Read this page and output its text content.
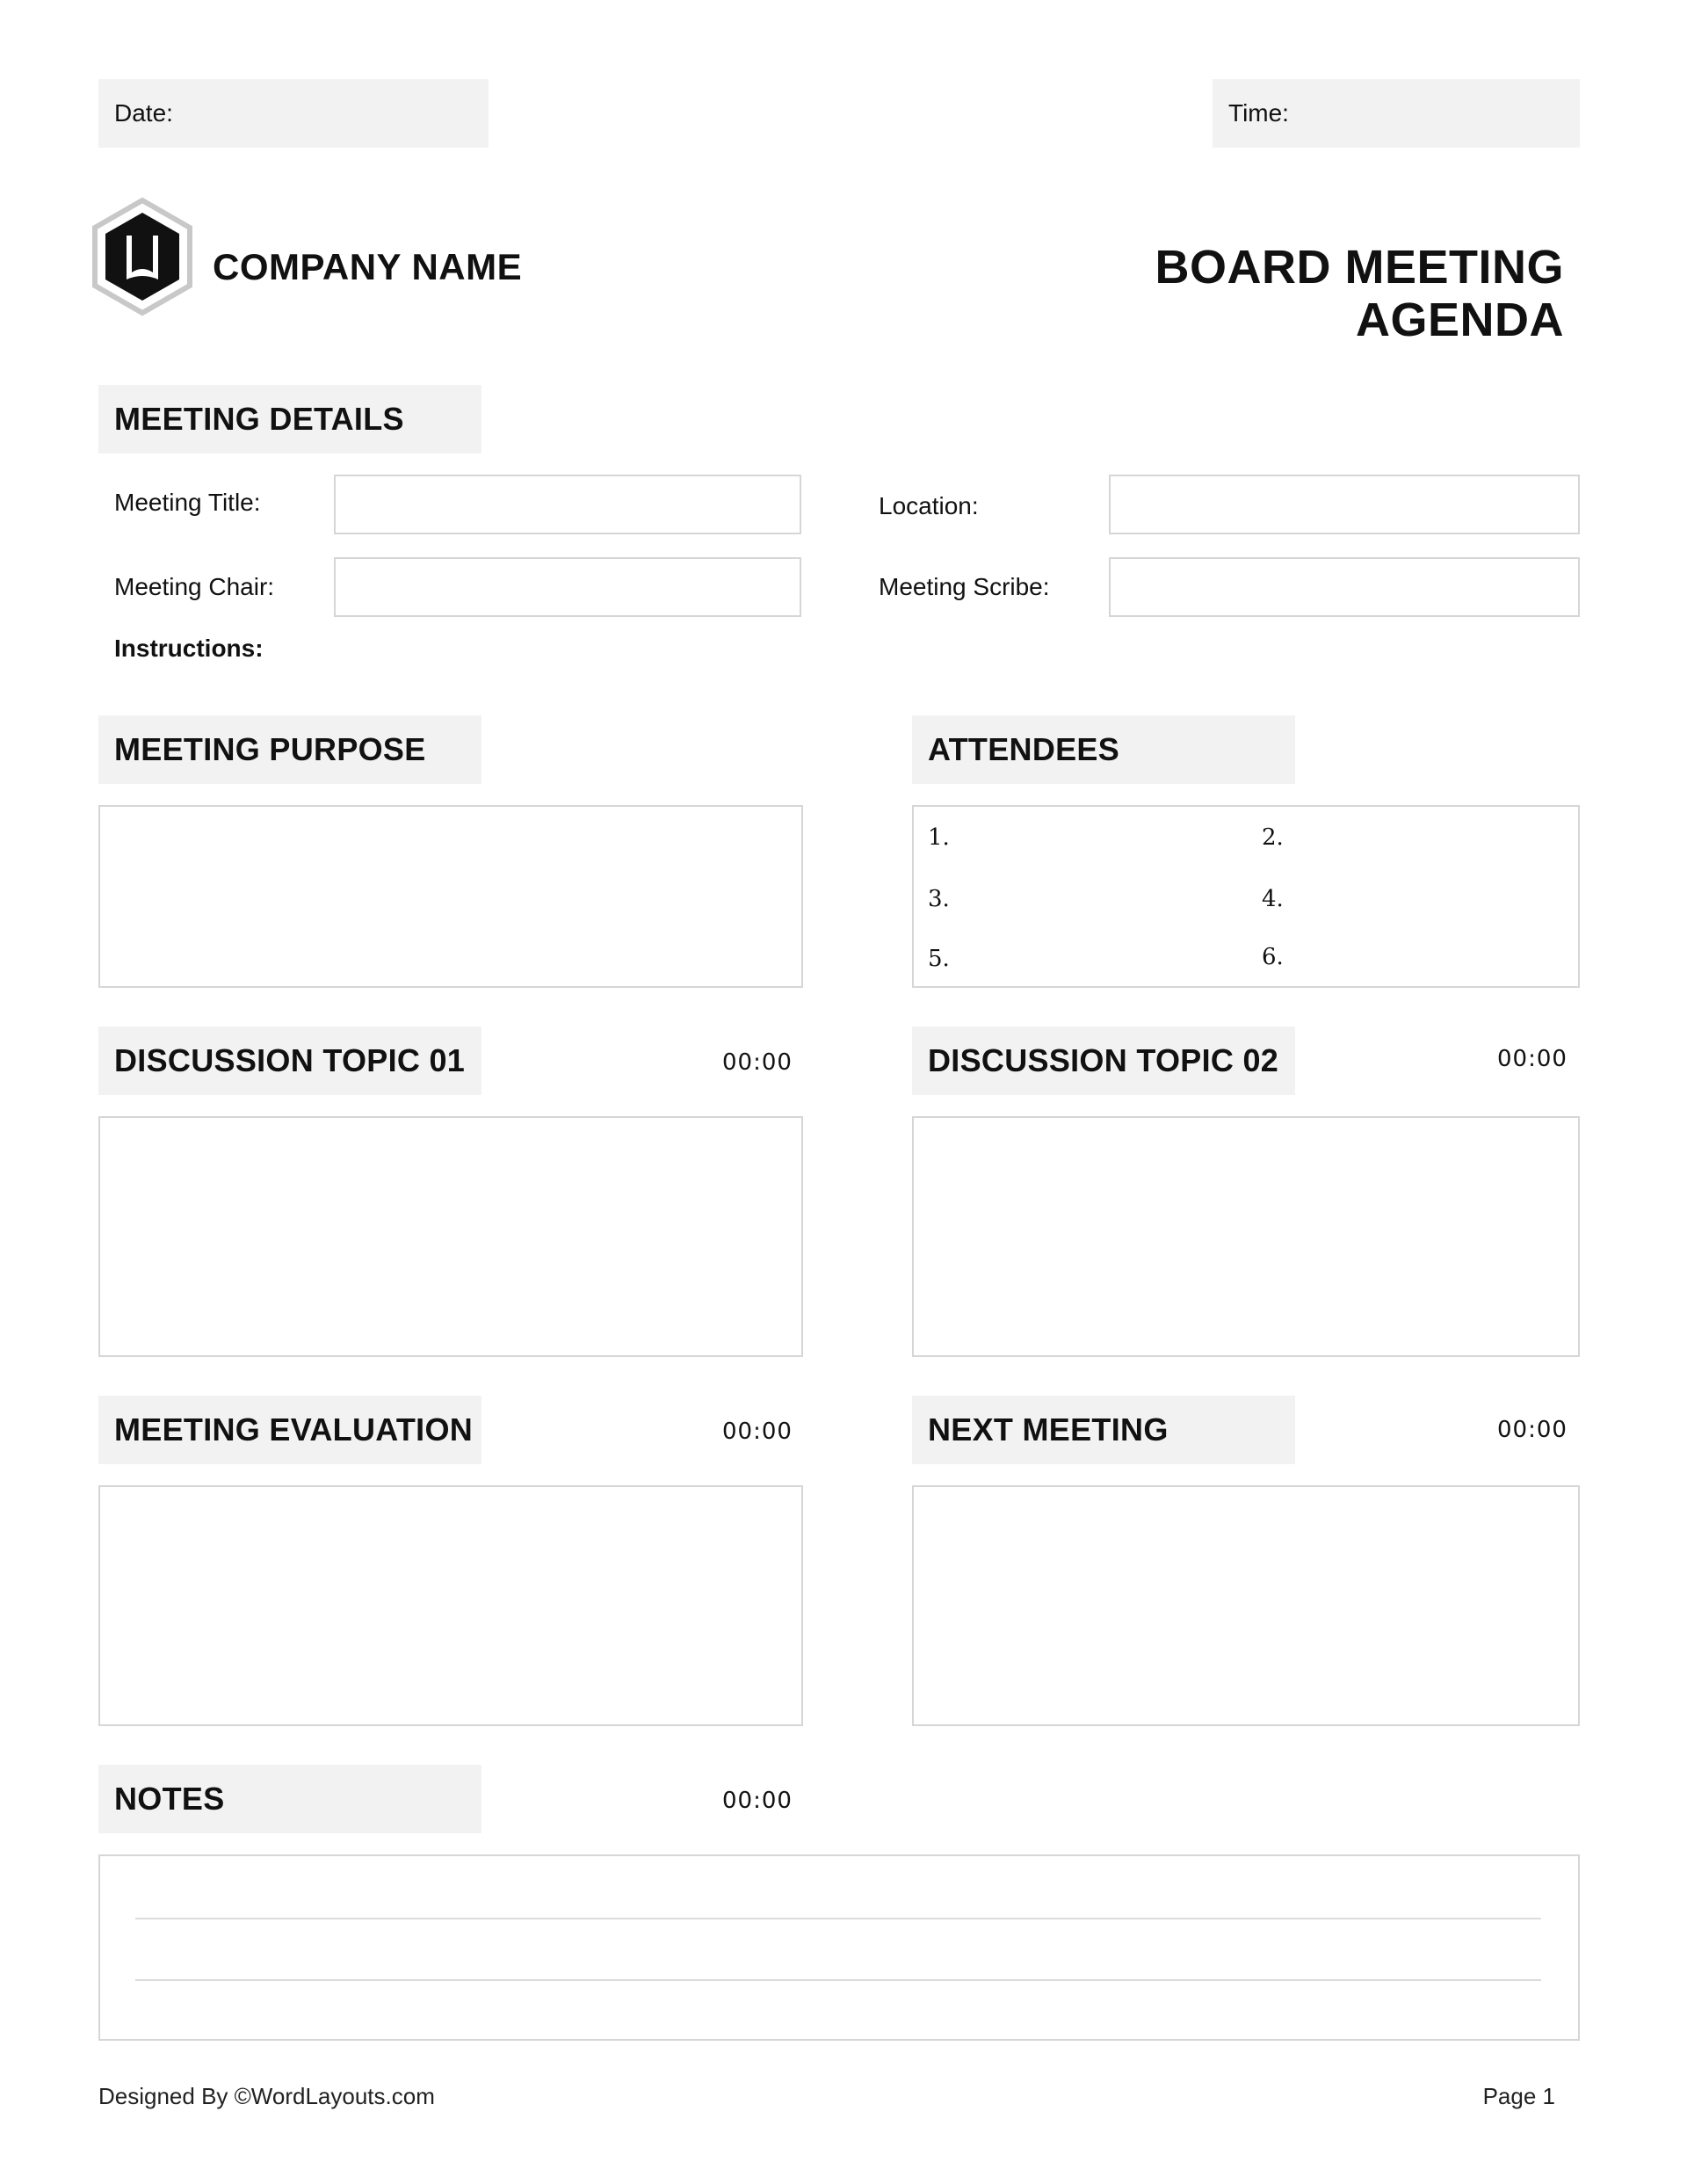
Date:	Time:
COMPANY NAME	BOARD MEETING AGENDA
MEETING DETAILS
Meeting Title:	Location:
Meeting Chair:	Meeting Scribe:
Instructions:
MEETING PURPOSE	ATTENDEES
1.	2.
3.	4.
5.	6.
DISCUSSION TOPIC 01	00:00	DISCUSSION TOPIC 02	00:00
MEETING EVALUATION	00:00	NEXT MEETING	00:00
NOTES	00:00
Designed By ©WordLayouts.com	Page 1
